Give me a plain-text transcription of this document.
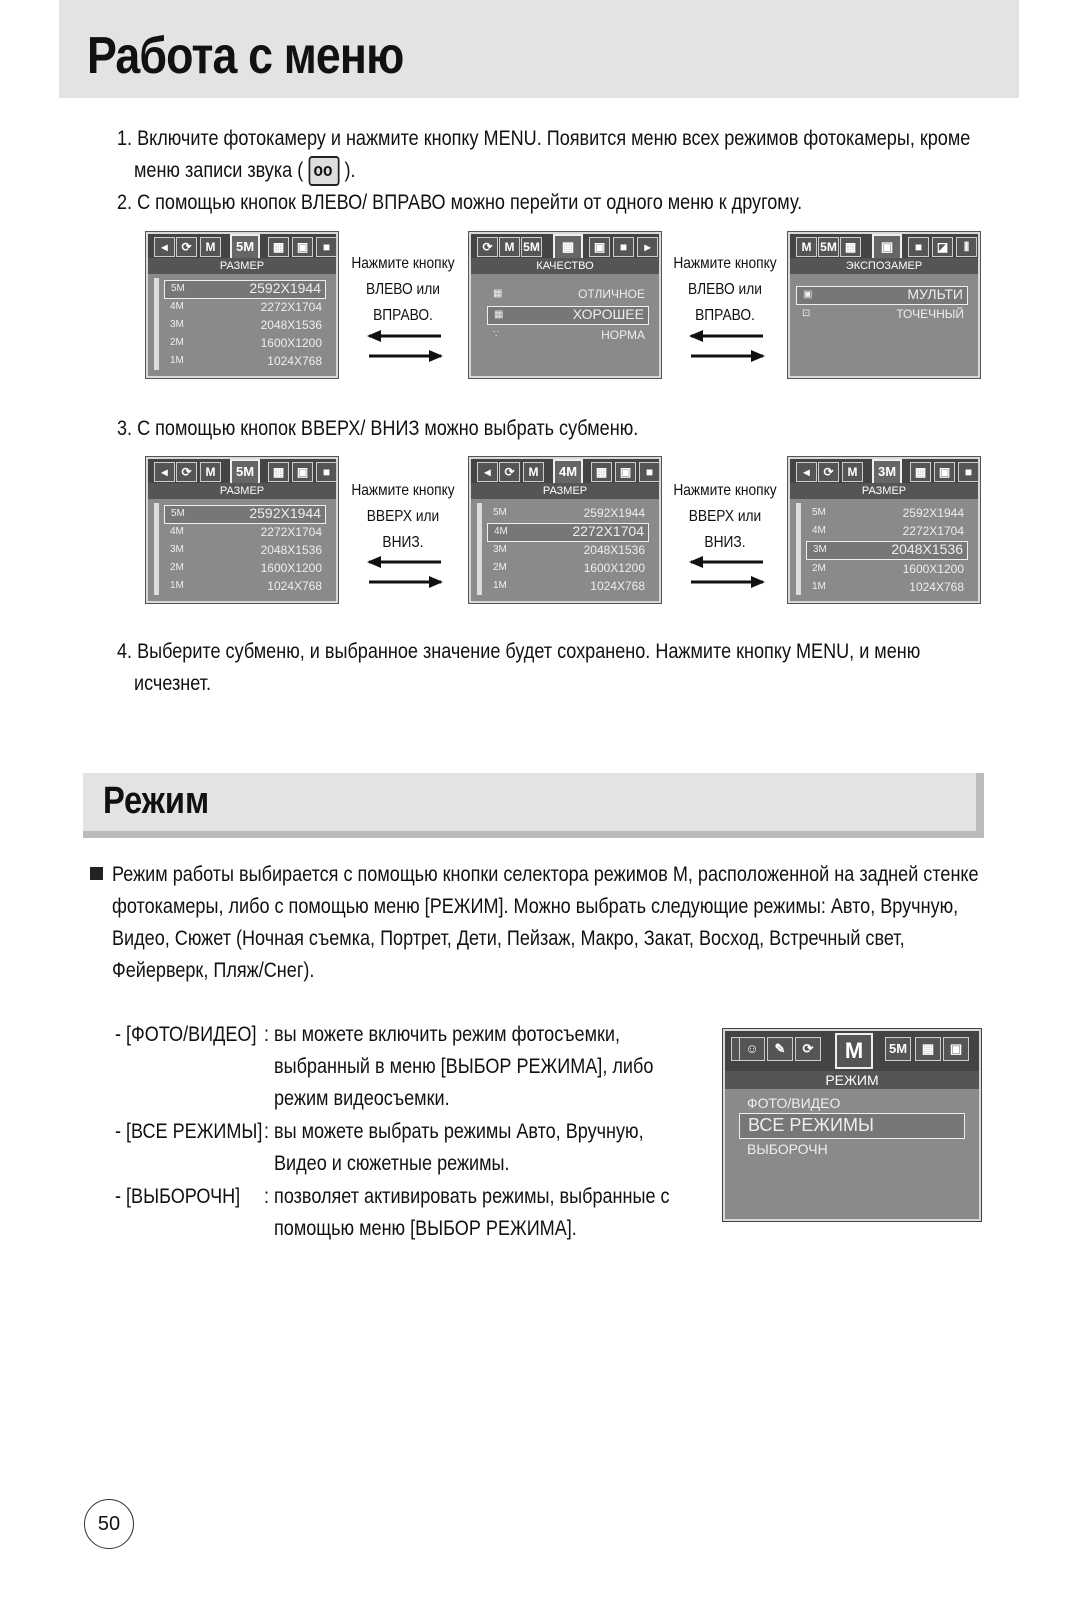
Работа с меню
1. Включите фотокамеру и нажмите кнопку MENU. Появится меню всех режимов фотокамеры, кроме
меню записи звука (oo ).
2. С помощью кнопок ВЛЕВО/ ВПРАВО можно перейти от одного меню к другому.
◂	⟳	M	5M	▦	▣	■
РАЗМЕР
5M	2592X1944
4M	2272X1704
3M	2048X1536
2M	1600X1200
1M	1024X768
Нажмите кнопку
ВЛЕВО или ВПРАВО.
⟳ M 5M	▦	▣	■	▸
КАЧЕСТВО
▦	ОТЛИЧНОЕ
▦	ХОРОШЕЕ
∵	НОРМА
Нажмите кнопку
ВЛЕВО или ВПРАВО.
M 5M ▦	▣	■	◪	⫴
ЭКСПОЗАМЕР
▣	МУЛЬТИ
⊡	ТОЧЕЧНЫЙ
3. С помощью кнопок ВВЕРХ/ ВНИЗ можно выбрать субменю.
◂	⟳	M	5M	▦	▣	■
РАЗМЕР
5M	2592X1944
4M	2272X1704
3M	2048X1536
2M	1600X1200
1M	1024X768
Нажмите кнопку
ВВЕРХ или ВНИЗ.
◂	⟳	M	4M	▦	▣	■
РАЗМЕР
5M	2592X1944
4M	2272X1704
3M	2048X1536
2M	1600X1200
1M	1024X768
Нажмите кнопку
ВВЕРХ или ВНИЗ.
◂	⟳	M	3M	▦	▣	■
РАЗМЕР
5M	2592X1944
4M	2272X1704
3M	2048X1536
2M	1600X1200
1M	1024X768
4. Выберите субменю, и выбранное значение будет сохранено. Нажмите кнопку MENU, и меню
исчезнет.
Режим
Режим работы выбирается с помощью кнопки селектора режимов M, расположенной на задней стенке
фотокамеры, либо с помощью меню [РЕЖИМ]. Можно выбрать следующие режимы: Авто, Вручную,
Видео, Сюжет (Ночная съемка, Портрет, Дети, Пейзаж, Макро, Закат, Восход, Встречный свет,
Фейерверк, Пляж/Снег).
- [ФОТО/ВИДЕО] : вы можете включить режим фотосъемки,
выбранный в меню [ВЫБОР РЕЖИМА], либо
режим видеосъемки.
- [ВСЕ РЕЖИМЫ] : вы можете выбрать режимы Авто, Вручную,
Видео и сюжетные режимы.
- [ВЫБОРОЧН] : позволяет активировать режимы, выбранные с
помощью меню [ВЫБОР РЕЖИМА].
☺	✎	⟳	M	5M	▦	▣
РЕЖИМ
ФОТО/ВИДЕО
ВСЕ РЕЖИМЫ
ВЫБОРОЧН
50
